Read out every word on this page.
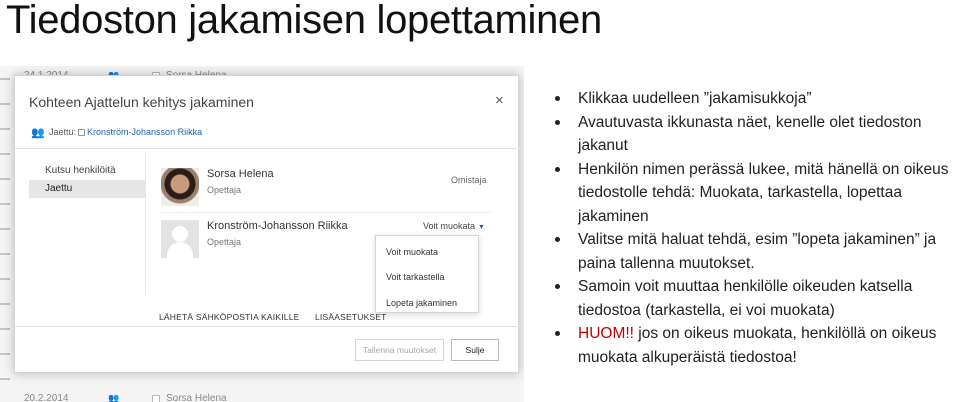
Tiedoston jakamisen lopettaminen
20.2.2014	👥	Sorsa Helena
Kohteen Ajattelun kehitys jakaminen	×
👥 Jaettu: Kronström-Johansson Riikka
Kutsu henkilöitä
Jaettu
Sorsa Helena
Opettaja
Omistaja
Kronström-Johansson Riikka
Opettaja
Voit muokata ▼
Voit muokata
Voit tarkastella
Lopeta jakaminen
LÄHETÄ SÄHKÖPOSTIA KAIKILLE LISÄASETUKSET
Tallenna muutokset	Sulje
Klikkaa uudelleen ”jakamisukkoja”
Avautuvasta ikkunasta näet, kenelle olet tiedoston jakanut
Henkilön nimen perässä lukee, mitä hänellä on oikeus tiedostolle tehdä: Muokata, tarkastella, lopettaa jakaminen
Valitse mitä haluat tehdä, esim ”lopeta jakaminen” ja paina tallenna muutokset.
Samoin voit muuttaa henkilölle oikeuden katsella tiedostoa (tarkastella, ei voi muokata)
HUOM!! jos on oikeus muokata, henkilöllä on oikeus muokata alkuperäistä tiedostoa!
